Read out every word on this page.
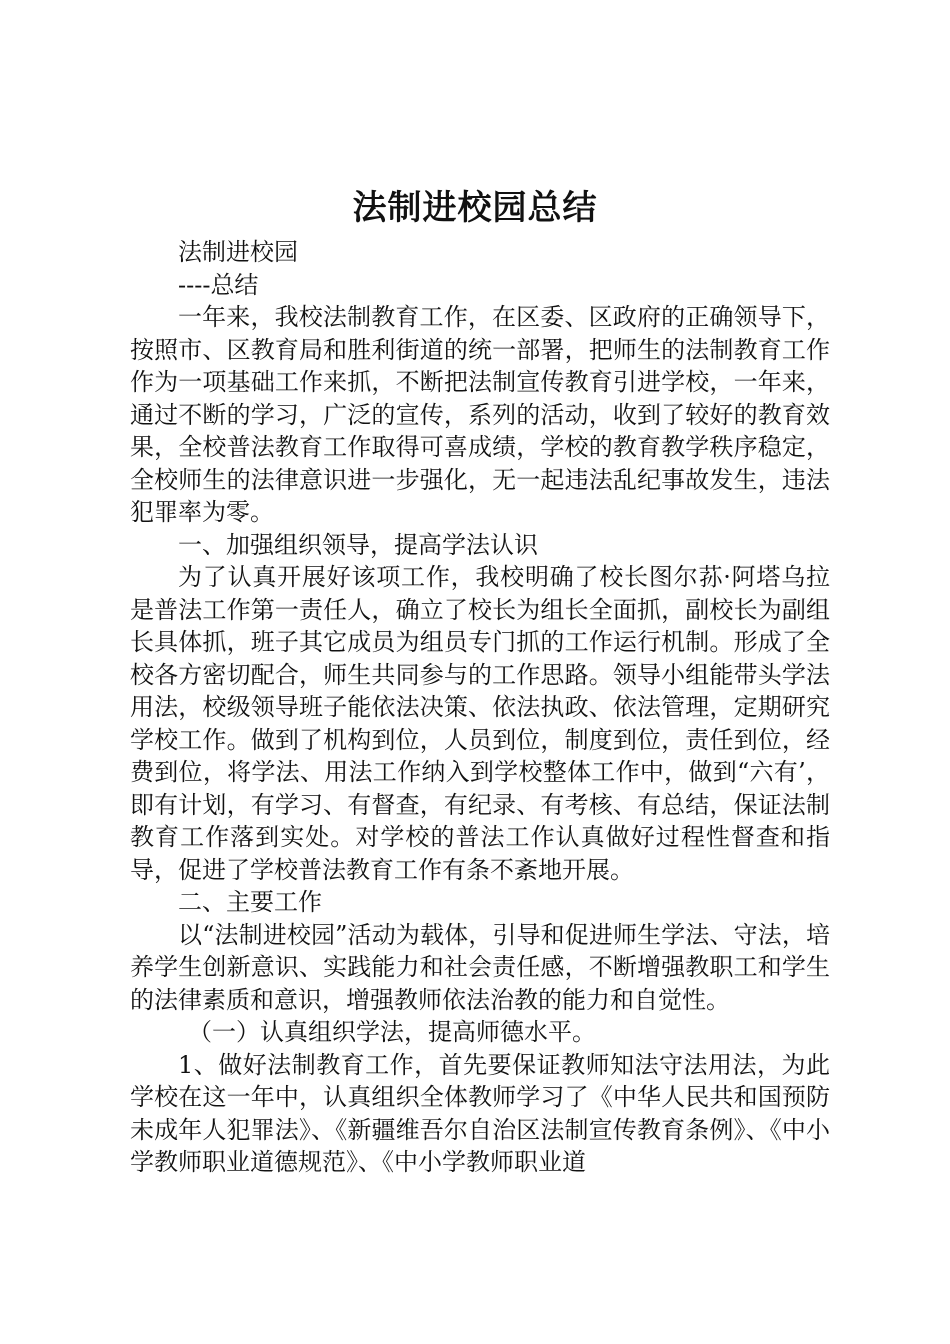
法制进校园总结

法制进校园

----总结

一年来，我校法制教育工作，在区委、区政府的正确领导下，按照市、区教育局和胜利街道的统一部署，把师生的法制教育工作作为一项基础工作来抓，不断把法制宣传教育引进学校，一年来，通过不断的学习，广泛的宣传，系列的活动，收到了较好的教育效果，全校普法教育工作取得可喜成绩，学校的教育教学秩序稳定，全校师生的法律意识进一步强化，无一起违法乱纪事故发生，违法犯罪率为零。

一、加强组织领导，提高学法认识

为了认真开展好该项工作，我校明确了校长图尔荪·阿塔乌拉是普法工作第一责任人，确立了校长为组长全面抓，副校长为副组长具体抓，班子其它成员为组员专门抓的工作运行机制。形成了全校各方密切配合，师生共同参与的工作思路。领导小组能带头学法用法，校级领导班子能依法决策、依法执政、依法管理，定期研究学校工作。做到了机构到位，人员到位，制度到位，责任到位，经费到位，将学法、用法工作纳入到学校整体工作中，做到“六有’，即有计划，有学习、有督查，有纪录、有考核、有总结，保证法制教育工作落到实处。对学校的普法工作认真做好过程性督查和指导，促进了学校普法教育工作有条不紊地开展。

二、主要工作

以“法制进校园”活动为载体，引导和促进师生学法、守法，培养学生创新意识、实践能力和社会责任感，不断增强教职工和学生的法律素质和意识，增强教师依法治教的能力和自觉性。

（一）认真组织学法，提高师德水平。

1、做好法制教育工作，首先要保证教师知法守法用法，为此学校在这一年中，认真组织全体教师学习了《中华人民共和国预防未成年人犯罪法》、《新疆维吾尔自治区法制宣传教育条例》、《中小学教师职业道德规范》、《中小学教师职业道
